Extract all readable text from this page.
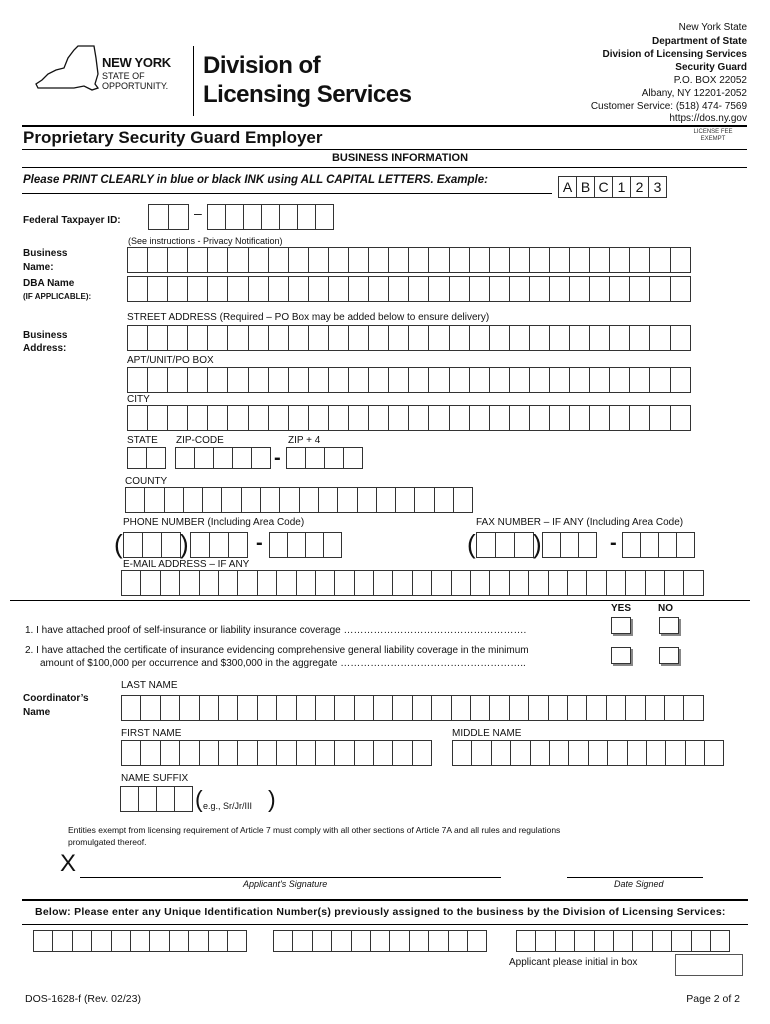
NEW YORK
STATE OF
OPPORTUNITY.
Division of
Licensing Services
New York State
Department of State
Division of Licensing Services
Security Guard
P.O. BOX 22052
Albany, NY 12201-2052
Customer Service: (518) 474- 7569
https://dos.ny.gov
Proprietary Security Guard Employer	LICENSE FEE
EXEMPT
BUSINESS INFORMATION
Please PRINT CLEARLY in blue or black INK using ALL CAPITAL LETTERS. Example:	A B C 1 2 3
Federal Taxpayer ID:	–
(See instructions - Privacy Notification)
Business
Name:
DBA Name
(IF APPLICABLE):
Business
Address:
STREET ADDRESS (Required – PO Box may be added below to ensure delivery)
APT/UNIT/PO BOX
CITY
STATE ZIP-CODE	ZIP + 4
-
COUNTY
PHONE NUMBER (Including Area Code)	FAX NUMBER – IF ANY (Including Area Code)
( )	-	( )	-
E-MAIL ADDRESS – IF ANY
YES	NO
1. I have attached proof of self-insurance or liability insurance coverage ……………………………………………….
2. I have attached the certificate of insurance evidencing comprehensive general liability coverage in the minimum
amount of $100,000 per occurrence and $300,000 in the aggregate ………………………………………………..
LAST NAME
Coordinator’s
Name
FIRST NAME	MIDDLE NAME
NAME SUFFIX
( e.g., Sr/Jr/III )
Entities exempt from licensing requirement of Article 7 must comply with all other sections of Article 7A and all rules and regulations
promulgated thereof.
X
Applicant's Signature	Date Signed
Below: Please enter any Unique Identification Number(s) previously assigned to the business by the Division of Licensing Services:
Applicant please initial in box
DOS-1628-f (Rev. 02/23)	Page 2 of 2
